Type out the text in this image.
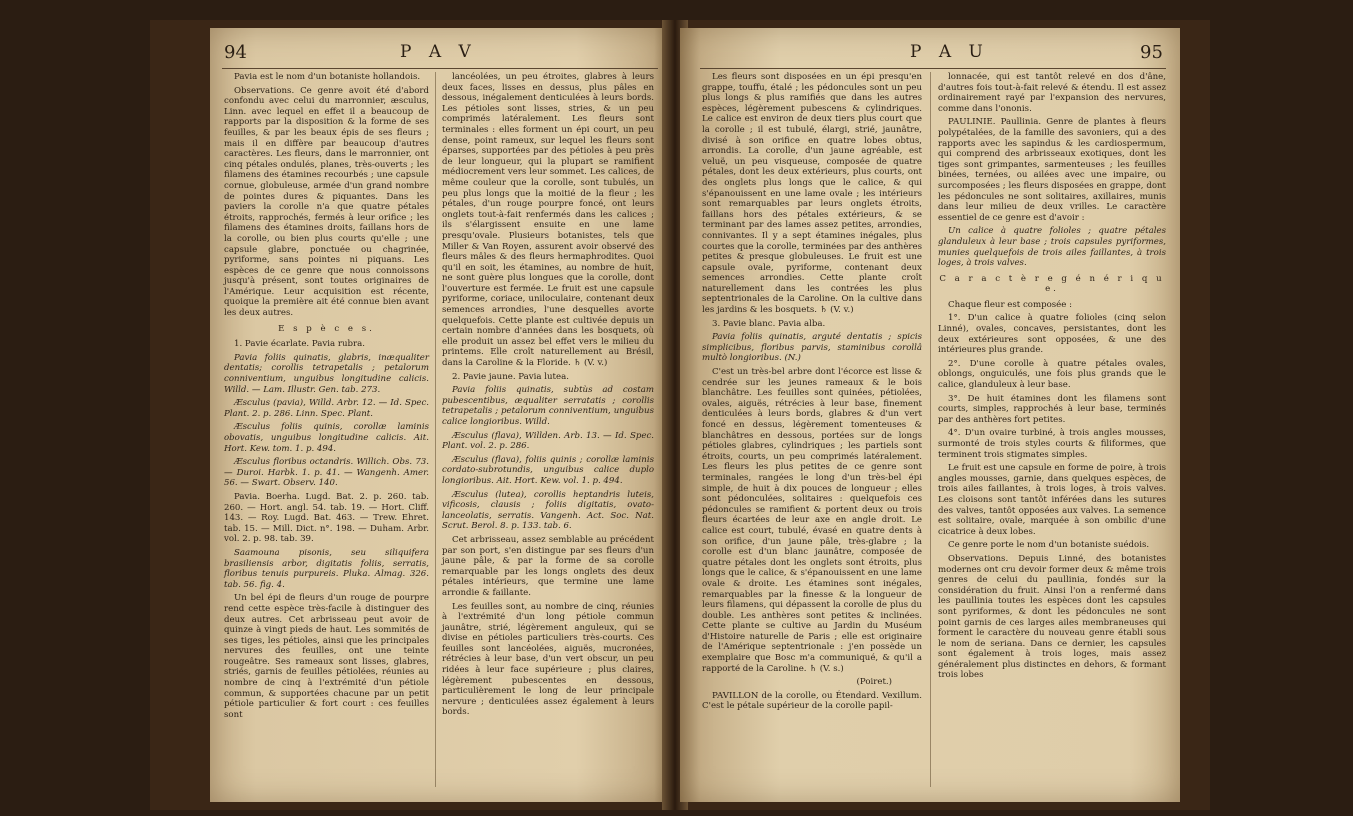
94	P A V

Pavia est le nom d'un botaniste hollandois.

Observations. Ce genre avoit été d'abord confondu avec celui du marronnier, æsculus, Linn. avec lequel en effet il a beaucoup de rapports par la disposition & la forme de ses feuilles, & par les beaux épis de ses fleurs ; mais il en diffère par beaucoup d'autres caractères. Les fleurs, dans le marronnier, ont cinq pétales ondulés, planes, très-ouverts ; les filamens des étamines recourbés ; une capsule cornue, globuleuse, armée d'un grand nombre de pointes dures & piquantes. Dans les paviers la corolle n'a que quatre pétales étroits, rapprochés, fermés à leur orifice ; les filamens des étamines droits, faillans hors de la corolle, ou bien plus courts qu'elle ; une capsule glabre, ponctuée ou chagrinée, pyriforme, sans pointes ni piquans. Les espèces de ce genre que nous connoissons jusqu'à présent, sont toutes originaires de l'Amérique. Leur acquisition est récente, quoique la première ait été connue bien avant les deux autres.

E s p è c e s.

1. Pavie écarlate. Pavia rubra.

Pavia foliis quinatis, glabris, inæqualiter dentatis; corollis tetrapetalis ; petalorum conniventium, unguibus longitudine calicis. Willd. — Lam. Illustr. Gen. tab. 273.

Æsculus (pavia), Willd. Arbr. 12. — Id. Spec. Plant. 2. p. 286. Linn. Spec. Plant.

Æsculus foliis quinis, corollæ laminis obovatis, unguibus longitudine calicis. Ait. Hort. Kew. tom. 1. p. 494.

Æsculus floribus octandris. Willich. Obs. 73. — Duroi. Harbk. 1. p. 41. — Wangenh. Amer. 56. — Swart. Observ. 140.

Pavia. Boerha. Lugd. Bat. 2. p. 260. tab. 260. — Hort. angl. 54. tab. 19. — Hort. Cliff. 143. — Roy. Lugd. Bat. 463. — Trew. Ehret. tab. 15. — Mill. Dict. n°. 198. — Duham. Arbr. vol. 2. p. 98. tab. 39.

Saamouna pisonis, seu siliquifera brasiliensis arbor, digitatis foliis, serratis, floribus tenuis purpureis. Pluka. Almag. 326. tab. 56. fig. 4.

Un bel épi de fleurs d'un rouge de pourpre rend cette espèce très-facile à distinguer des deux autres. Cet arbrisseau peut avoir de quinze à vingt pieds de haut. Les sommités de ses tiges, les pétioles, ainsi que les principales nervures des feuilles, ont une teinte rougeâtre. Ses rameaux sont lisses, glabres, striés, garnis de feuilles pétiolées, réunies au nombre de cinq à l'extrémité d'un pétiole commun, & supportées chacune par un petit pétiole particulier & fort court : ces feuilles sont

lancéolées, un peu étroites, glabres à leurs deux faces, lisses en dessus, plus pâles en dessous, inégalement denticulées à leurs bords. Les pétioles sont lisses, stries, & un peu comprimés latéralement. Les fleurs sont terminales : elles forment un épi court, un peu dense, point rameux, sur lequel les fleurs sont éparses, supportées par des pétioles à peu près de leur longueur, qui la plupart se ramifient médiocrement vers leur sommet. Les calices, de même couleur que la corolle, sont tubulés, un peu plus longs que la moitié de la fleur ; les pétales, d'un rouge pourpre foncé, ont leurs onglets tout-à-fait renfermés dans les calices ; ils s'élargissent ensuite en une lame presqu'ovale. Plusieurs botanistes, tels que Miller & Van Royen, assurent avoir observé des fleurs mâles & des fleurs hermaphrodites. Quoi qu'il en soit, les étamines, au nombre de huit, ne sont guère plus longues que la corolle, dont l'ouverture est fermée. Le fruit est une capsule pyriforme, coriace, uniloculaire, contenant deux semences arrondies, l'une desquelles avorte quelquefois. Cette plante est cultivée depuis un certain nombre d'années dans les bosquets, où elle produit un assez bel effet vers le milieu du printems. Elle croît naturellement au Brésil, dans la Caroline & la Floride. ♄ (V. v.)

2. Pavie jaune. Pavia lutea.

Pavia foliis quinatis, subtùs ad costam pubescentibus, æqualiter serratatis ; corollis tetrapetalis ; petalorum conniventium, unguibus calice longioribus. Willd.

Æsculus (flava), Willden. Arb. 13. — Id. Spec. Plant. vol. 2. p. 286.

Æsculus (flava), foliis quinis ; corollæ laminis cordato-subrotundis, unguibus calice duplo longioribus. Ait. Hort. Kew. vol. 1. p. 494.

Æsculus (lutea), corollis heptandris luteis, vificosis, clausis ; foliis digitatis, ovato-lanceolatis, serratis. Vangenh. Act. Soc. Nat. Scrut. Berol. 8. p. 133. tab. 6.

Cet arbrisseau, assez semblable au précédent par son port, s'en distingue par ses fleurs d'un jaune pâle, & par la forme de sa corolle remarquable par les longs onglets des deux pétales intérieurs, que termine une lame arrondie & faillante.

Les feuilles sont, au nombre de cinq, réunies à l'extrémité d'un long pétiole commun jaunâtre, strié, légèrement anguleux, qui se divise en pétioles particuliers très-courts. Ces feuilles sont lancéolées, aiguës, mucronées, rétrécies à leur base, d'un vert obscur, un peu ridées à leur face supérieure ; plus claires, légèrement pubescentes en dessous, particulièrement le long de leur principale nervure ; denticulées assez également à leurs bords.

P A U	95

Les fleurs sont disposées en un épi presqu'en grappe, touffu, étalé ; les pédoncules sont un peu plus longs & plus ramifiés que dans les autres espèces, légèrement pubescens & cylindriques. Le calice est environ de deux tiers plus court que la corolle ; il est tubulé, élargi, strié, jaunâtre, divisé à son orifice en quatre lobes obtus, arrondis. La corolle, d'un jaune agréable, est veluë, un peu visqueuse, composée de quatre pétales, dont les deux extérieurs, plus courts, ont des onglets plus longs que le calice, & qui s'épanouissent en une lame ovale ; les intérieurs sont remarquables par leurs onglets étroits, faillans hors des pétales extérieurs, & se terminant par des lames assez petites, arrondies, connivantes. Il y a sept étamines inégales, plus courtes que la corolle, terminées par des anthères petites & presque globuleuses. Le fruit est une capsule ovale, pyriforme, contenant deux semences arrondies. Cette plante croît naturellement dans les contrées les plus septentrionales de la Caroline. On la cultive dans les jardins & les bosquets. ♄ (V. v.)

3. Pavie blanc. Pavia alba.

Pavia foliis quinatis, arguté dentatis ; spicis simplicibus, floribus parvis, staminibus corollâ multò longioribus. (N.)

C'est un très-bel arbre dont l'écorce est lisse & cendrée sur les jeunes rameaux & le bois blanchâtre. Les feuilles sont quinées, pétiolées, ovales, aiguës, rétrécies à leur base, finement denticulées à leurs bords, glabres & d'un vert foncé en dessus, légèrement tomenteuses & blanchâtres en dessous, portées sur de longs pétioles glabres, cylindriques ; les partiels sont étroits, courts, un peu comprimés latéralement. Les fleurs les plus petites de ce genre sont terminales, rangées le long d'un très-bel épi simple, de huit à dix pouces de longueur ; elles sont pédonculées, solitaires : quelquefois ces pédoncules se ramifient & portent deux ou trois fleurs écartées de leur axe en angle droit. Le calice est court, tubulé, évasé en quatre dents à son orifice, d'un jaune pâle, très-glabre ; la corolle est d'un blanc jaunâtre, composée de quatre pétales dont les onglets sont étroits, plus longs que le calice, & s'épanouissent en une lame ovale & droite. Les étamines sont inégales, remarquables par la finesse & la longueur de leurs filamens, qui dépassent la corolle de plus du double. Les anthères sont petites & inclinées. Cette plante se cultive au Jardin du Muséum d'Histoire naturelle de Paris ; elle est originaire de l'Amérique septentrionale : j'en possède un exemplaire que Bosc m'a communiqué, & qu'il a rapporté de la Caroline. ♄ (V. s.)

(Poiret.)

PAVILLON de la corolle, ou Étendard. Vexillum. C'est le pétale supérieur de la corolle papil-

lonnacée, qui est tantôt relevé en dos d'âne, d'autres fois tout-à-fait relevé & étendu. Il est assez ordinairement rayé par l'expansion des nervures, comme dans l'ononis.

PAULINIE. Paullinia. Genre de plantes à fleurs polypétalées, de la famille des savoniers, qui a des rapports avec les sapindus & les cardiospermum, qui comprend des arbrisseaux exotiques, dont les tiges sont grimpantes, sarmenteuses ; les feuilles binées, ternées, ou ailées avec une impaire, ou surcomposées ; les fleurs disposées en grappe, dont les pédoncules ne sont solitaires, axillaires, munis dans leur milieu de deux vrilles. Le caractère essentiel de ce genre est d'avoir :

Un calice à quatre folioles ; quatre pétales glanduleux à leur base ; trois capsules pyriformes, munies quelquefois de trois ailes faillantes, à trois loges, à trois valves.

C a r a c t è r e g é n é r i q u e.

Chaque fleur est composée :

1°. D'un calice à quatre folioles (cinq selon Linné), ovales, concaves, persistantes, dont les deux extérieures sont opposées, & une des intérieures plus grande.

2°. D'une corolle à quatre pétales ovales, oblongs, onguiculés, une fois plus grands que le calice, glanduleux à leur base.

3°. De huit étamines dont les filamens sont courts, simples, rapprochés à leur base, terminés par des anthères fort petites.

4°. D'un ovaire turbiné, à trois angles mousses, surmonté de trois styles courts & filiformes, que terminent trois stigmates simples.

Le fruit est une capsule en forme de poire, à trois angles mousses, garnie, dans quelques espèces, de trois ailes faillantes, à trois loges, à trois valves. Les cloisons sont tantôt inférées dans les sutures des valves, tantôt opposées aux valves. La semence est solitaire, ovale, marquée à son ombilic d'une cicatrice à deux lobes.

Ce genre porte le nom d'un botaniste suédois.

Observations. Depuis Linné, des botanistes modernes ont cru devoir former deux & même trois genres de celui du paullinia, fondés sur la considération du fruit. Ainsi l'on a renfermé dans les paullinia toutes les espèces dont les capsules sont pyriformes, & dont les pédoncules ne sont point garnis de ces larges ailes membraneuses qui forment le caractère du nouveau genre établi sous le nom de seriana. Dans ce dernier, les capsules sont également à trois loges, mais assez généralement plus distinctes en dehors, & formant trois lobes
